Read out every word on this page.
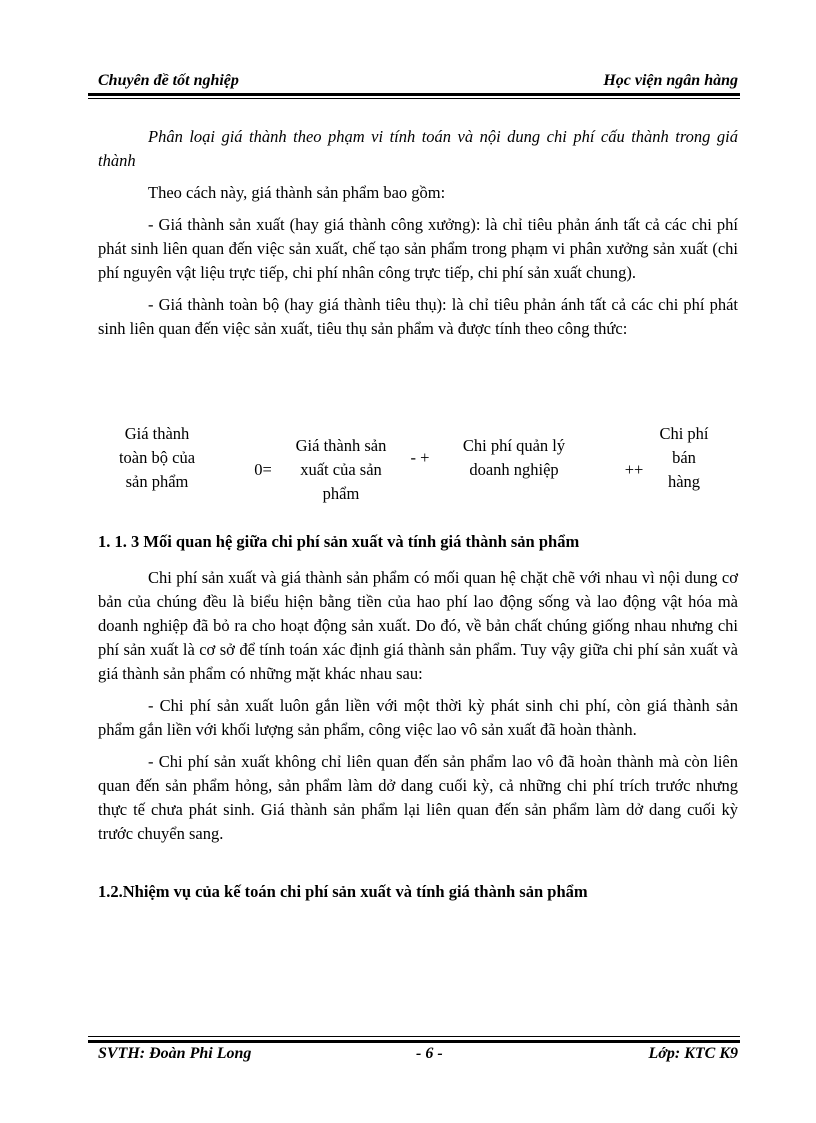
Chuyên đề tốt nghiệp	Học viện ngân hàng

Phân loại giá thành theo phạm vi tính toán và nội dung chi phí cấu thành trong giá thành

Theo cách này, giá thành sản phẩm bao gồm:

- Giá thành sản xuất (hay giá thành công xưởng): là chỉ tiêu phản ánh tất cả các chi phí phát sinh liên quan đến việc sản xuất, chế tạo sản phẩm trong phạm vi phân xưởng sản xuất (chi phí nguyên vật liệu trực tiếp, chi phí nhân công trực tiếp, chi phí sản xuất chung).

- Giá thành toàn bộ (hay giá thành tiêu thụ): là chỉ tiêu phản ánh tất cả các chi phí phát sinh liên quan đến việc sản xuất, tiêu thụ sản phẩm và được tính theo công thức:

Giá thành toàn bộ của sản phẩm
0=
Giá thành sản xuất của sản phẩm
- +
Chi phí quản lý doanh nghiệp	++
Chi phí bán hàng

1. 1. 3 Mối quan hệ giữa chi phí sản xuất và tính giá thành sản phẩm

Chi phí sản xuất và giá thành sản phẩm có mối quan hệ chặt chẽ với nhau vì nội dung cơ bản của chúng đều là biểu hiện bằng tiền của hao phí lao động sống và lao động vật hóa mà doanh nghiệp đã bỏ ra cho hoạt động sản xuất. Do đó, về bản chất chúng giống nhau nhưng chi phí sản xuất là cơ sở để tính toán xác định giá thành sản phẩm. Tuy vậy giữa chi phí sản xuất và giá thành sản phẩm có những mặt khác nhau sau:

- Chi phí sản xuất luôn gắn liền với một thời kỳ phát sinh chi phí, còn giá thành sản phẩm gắn liền với khối lượng sản phẩm, công việc lao vô sản xuất đã hoàn thành.

- Chi phí sản xuất không chỉ liên quan đến sản phẩm lao vô đã hoàn thành mà còn liên quan đến sản phẩm hỏng, sản phẩm làm dở dang cuối kỳ, cả những chi phí trích trước nhưng thực tế chưa phát sinh. Giá thành sản phẩm lại liên quan đến sản phẩm làm dở dang cuối kỳ trước chuyển sang.

1.2.Nhiệm vụ của kế toán chi phí sản xuất và tính giá thành sản phẩm

SVTH: Đoàn Phi Long	- 6 -	Lớp: KTC K9
